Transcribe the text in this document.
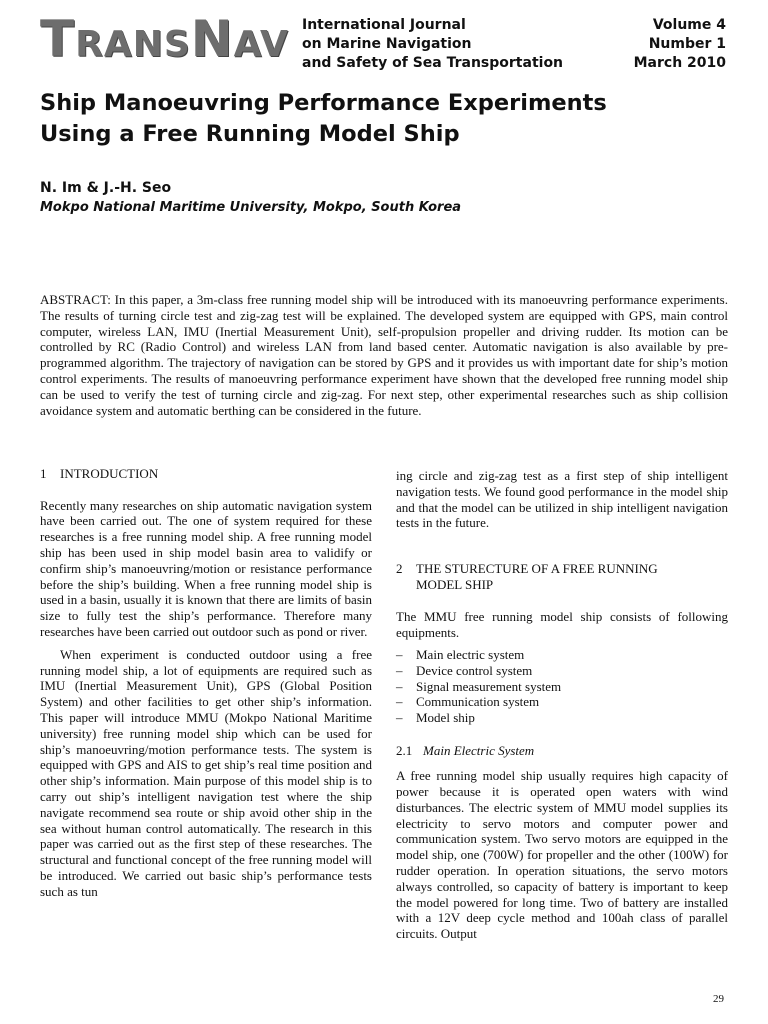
TRANSNAV International Journal
on Marine Navigation
and Safety of Sea Transportation
Volume 4
Number 1
March 2010
Ship Manoeuvring Performance Experiments
Using a Free Running Model Ship
N. Im & J.-H. Seo
Mokpo National Maritime University, Mokpo, South Korea

ABSTRACT: In this paper, a 3m-class free running model ship will be introduced with its manoeuvring performance experiments. The results of turning circle test and zig-zag test will be explained. The developed system are equipped with GPS, main control computer, wireless LAN, IMU (Inertial Measurement Unit), self-propulsion propeller and driving rudder. Its motion can be controlled by RC (Radio Control) and wireless LAN from land based center. Automatic navigation is also available by pre-programmed algorithm. The trajectory of navigation can be stored by GPS and it provides us with important date for ship’s motion control experiments. The results of manoeuvring performance experiment have shown that the developed free running model ship can be used to verify the test of turning circle and zig-zag. For next step, other experimental researches such as ship collision avoidance system and automatic berthing can be considered in the future.

1	INTRODUCTION

Recently many researches on ship automatic navigation system have been carried out. The one of system required for these researches is a free running model ship. A free running model ship has been used in ship model basin area to validify or confirm ship’s manoeuvring/motion or resistance performance before the ship’s building. When a free running model ship is used in a basin, usually it is known that there are limits of basin size to fully test the ship’s performance. Therefore many researches have been carried out outdoor such as pond or river.

When experiment is conducted outdoor using a free running model ship, a lot of equipments are required such as IMU (Inertial Measurement Unit), GPS (Global Position System) and other facilities to get other ship’s information. This paper will introduce MMU (Mokpo National Maritime university) free running model ship which can be used for ship’s manoeuvring/motion performance tests. The system is equipped with GPS and AIS to get ship’s real time position and other ship’s information. Main purpose of this model ship is to carry out ship’s intelligent navigation test where the ship navigate recommend sea route or ship avoid other ship in the sea without human control automatically. The research in this paper was carried out as the first step of these researches. The structural and functional concept of the free running model will be introduced. We carried out basic ship’s performance tests such as tun

ing circle and zig-zag test as a first step of ship intelligent navigation tests. We found good performance in the model ship and that the model can be utilized in ship intelligent navigation tests in the future.

2	THE STURECTURE OF A FREE RUNNING
MODEL SHIP

The MMU free running model ship consists of following equipments.

–	Main electric system
–	Device control system
–	Signal measurement system
–	Communication system
–	Model ship
2.1 Main Electric System

A free running model ship usually requires high capacity of power because it is operated open waters with wind disturbances. The electric system of MMU model supplies its electricity to servo motors and computer power and communication system. Two servo motors are equipped in the model ship, one (700W) for propeller and the other (100W) for rudder operation. In operation situations, the servo motors always controlled, so capacity of battery is important to keep the model powered for long time. Two of battery are installed with a 12V deep cycle method and 100ah class of parallel circuits. Output

29
